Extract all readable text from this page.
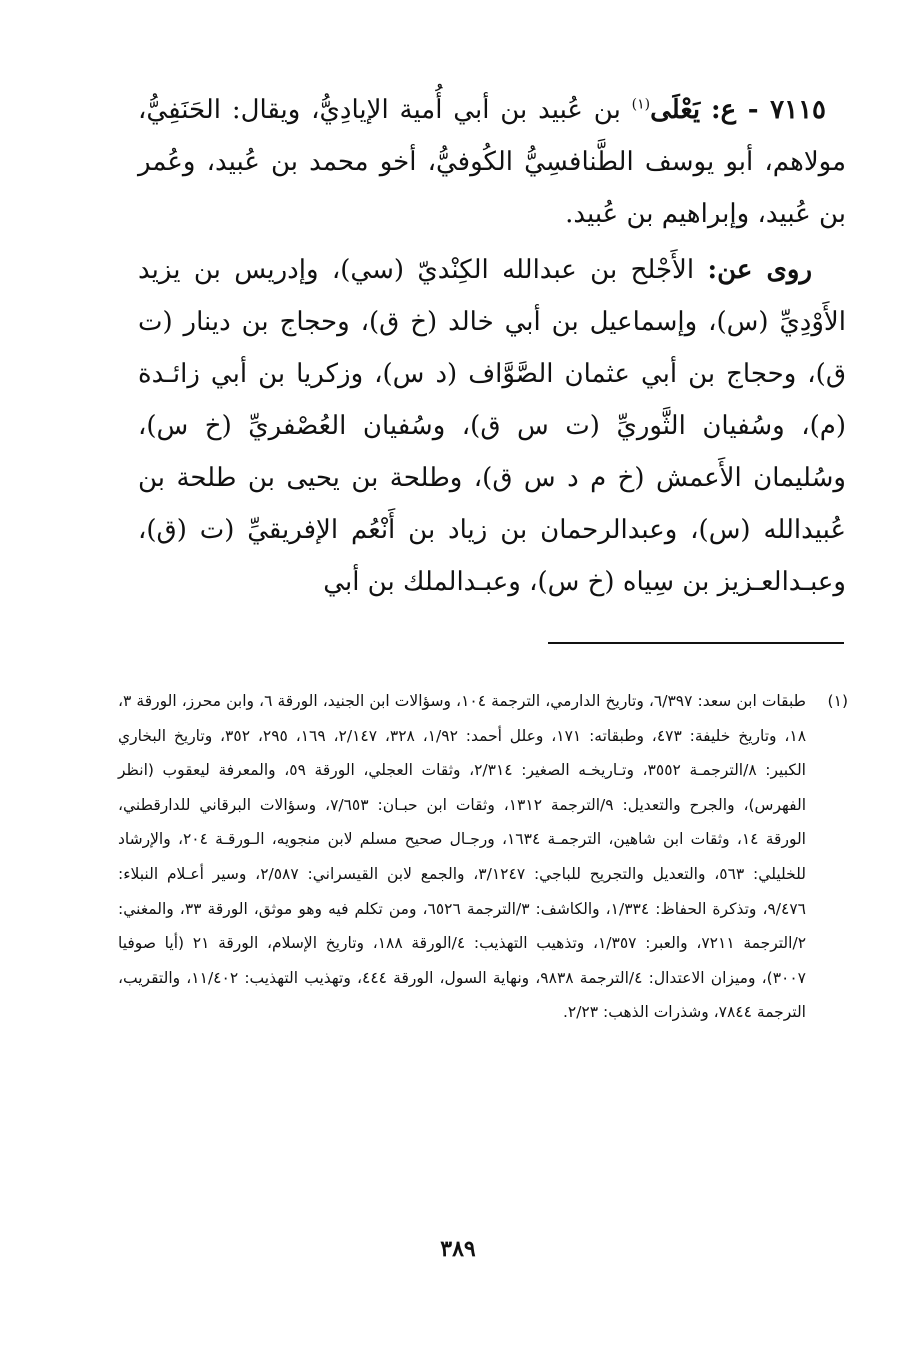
٧١١٥ - ع: يَعْلَى$^{(١)}$ بن عُبيد بن أبي أُمية الإيادِيُّ، ويقال: الحَنَفِيُّ، مولاهم، أبو يوسف الطَّنافسِيُّ الكُوفيُّ، أخو محمد بن عُبيد، وعُمر بن عُبيد، وإبراهيم بن عُبيد.

روى عن: الأَجْلح بن عبدالله الكِنْديّ (سي)، وإدريس بن يزيد الأَوْدِيِّ (س)، وإسماعيل بن أبي خالد (خ ق)، وحجاج بن دينار (ت ق)، وحجاج بن أبي عثمان الصَّوَّاف (د س)، وزكريا بن أبي زائـدة (م)، وسُفيان الثَّوريِّ (ت س ق)، وسُفيان العُصْفريِّ (خ س)، وسُليمان الأَعمش (خ م د س ق)، وطلحة بن يحيى بن طلحة بن عُبيدالله (س)، وعبدالرحمان بن زياد بن أَنْعُم الإفريقيِّ (ت (ق)، وعبـدالعـزيز بن سِياه (خ س)، وعبـدالملك بن أبي

(١)
طبقات ابن سعد: ٦/٣٩٧، وتاريخ الدارمي، الترجمة ١٠٤، وسؤالات ابن الجنيد، الورقة ٦، وابن محرز، الورقة ٣، ١٨، وتاريخ خليفة: ٤٧٣، وطبقاته: ١٧١، وعلل أحمد: ١/٩٢، ٣٢٨، ٢/١٤٧، ١٦٩، ٢٩٥، ٣٥٢، وتاريخ البخاري الكبير: ٨/الترجمـة ٣٥٥٢، وتـاريخـه الصغير: ٢/٣١٤، وثقات العجلي، الورقة ٥٩، والمعرفة ليعقوب (انظر الفهرس)، والجرح والتعديل: ٩/الترجمة ١٣١٢، وثقات ابن حبـان: ٧/٦٥٣، وسؤالات البرقاني للدارقطني، الورقة ١٤، وثقات ابن شاهين، الترجمـة ١٦٣٤، ورجـال صحيح مسلم لابن منجويه، الـورقـة ٢٠٤، والإرشاد للخليلي: ٥٦٣، والتعديل والتجريح للباجي: ٣/١٢٤٧، والجمع لابن القيسراني: ٢/٥٨٧، وسير أعـلام النبلاء: ٩/٤٧٦، وتذكرة الحفاظ: ١/٣٣٤، والكاشف: ٣/الترجمة ٦٥٢٦، ومن تكلم فيه وهو موثق، الورقة ٣٣، والمغني: ٢/الترجمة ٧٢١١، والعبر: ١/٣٥٧، وتذهيب التهذيب: ٤/الورقة ١٨٨، وتاريخ الإسلام، الورقة ٢١ (أيا صوفيا ٣٠٠٧)، وميزان الاعتدال: ٤/الترجمة ٩٨٣٨، ونهاية السول، الورقة ٤٤٤، وتهذيب التهذيب: ١١/٤٠٢، والتقريب، الترجمة ٧٨٤٤، وشذرات الذهب: ٢/٢٣.
٣٨٩
